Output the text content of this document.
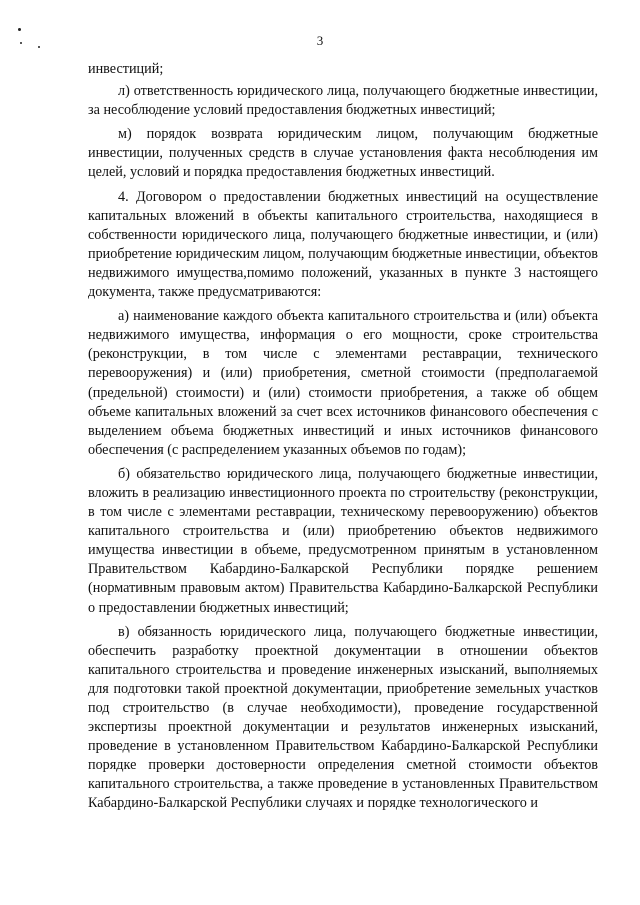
3

инвестиций;

л) ответственность юридического лица, получающего бюджетные инвестиции, за несоблюдение условий предоставления бюджетных инвестиций;

м) порядок возврата юридическим лицом, получающим бюджетные инвестиции, полученных средств в случае установления факта несоблюдения им целей, условий и порядка предоставления бюджетных инвестиций.

4. Договором о предоставлении бюджетных инвестиций на осуществление капитальных вложений в объекты капитального строительства, находящиеся в собственности юридического лица, получающего бюджетные инвестиции, и (или) приобретение юридическим лицом, получающим бюджетные инвестиции, объектов недвижимого имущества,помимо положений, указанных в пункте 3 настоящего документа, также предусматриваются:

а) наименование каждого объекта капитального строительства и (или) объекта недвижимого имущества, информация о его мощности, сроке строительства (реконструкции, в том числе с элементами реставрации, технического перевооружения) и (или) приобретения, сметной стоимости (предполагаемой (предельной) стоимости) и (или) стоимости приобретения, а также об общем объеме капитальных вложений за счет всех источников финансового обеспечения с выделением объема бюджетных инвестиций и иных источников финансового обеспечения (с распределением указанных объемов по годам);

б) обязательство юридического лица, получающего бюджетные инвестиции, вложить в реализацию инвестиционного проекта по строительству (реконструкции, в том числе с элементами реставрации, техническому перевооружению) объектов капитального строительства и (или) приобретению объектов недвижимого имущества инвестиции в объеме, предусмотренном принятым в установленном Правительством Кабардино-Балкарской Республики порядке решением (нормативным правовым актом) Правительства Кабардино-Балкарской Республики о предоставлении бюджетных инвестиций;

в) обязанность юридического лица, получающего бюджетные инвестиции, обеспечить разработку проектной документации в отношении объектов капитального строительства и проведение инженерных изысканий, выполняемых для подготовки такой проектной документации, приобретение земельных участков под строительство (в случае необходимости), проведение государственной экспертизы проектной документации и результатов инженерных изысканий, проведение в установленном Правительством Кабардино-Балкарской Республики порядке проверки достоверности определения сметной стоимости объектов капитального строительства, а также проведение в установленных Правительством Кабардино-Балкарской Республики случаях и порядке технологического и
